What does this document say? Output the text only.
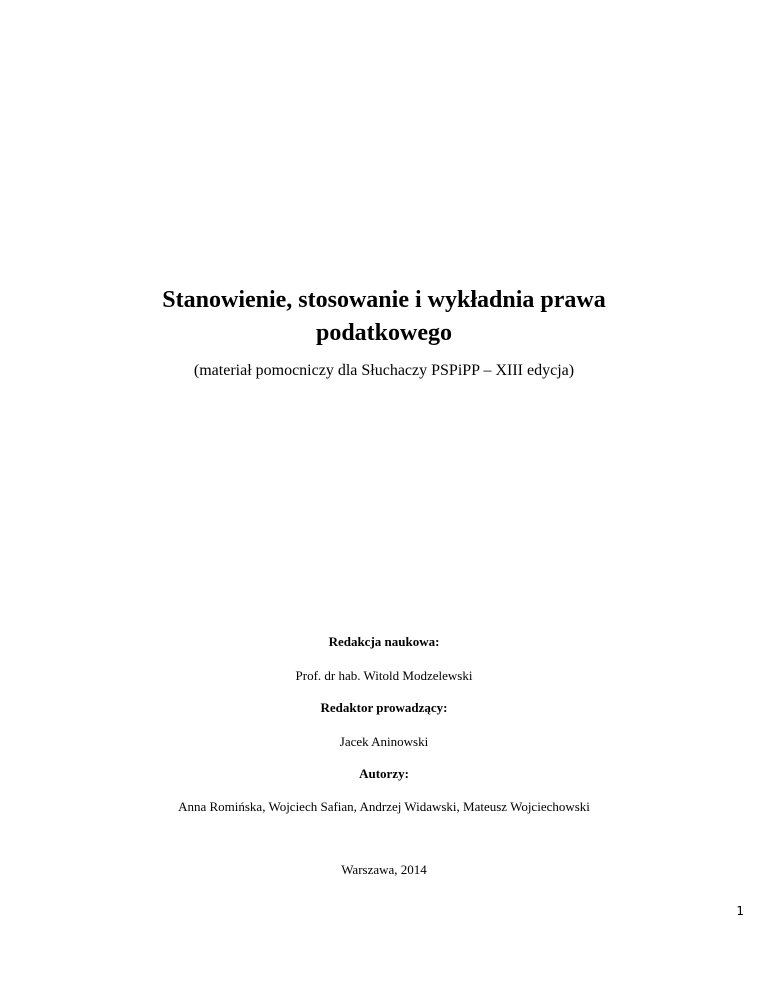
Stanowienie, stosowanie i wykładnia prawa
podatkowego
(materiał pomocniczy dla Słuchaczy PSPiPP – XIII edycja)
Redakcja naukowa:
Prof. dr hab. Witold Modzelewski
Redaktor prowadzący:
Jacek Aninowski
Autorzy:
Anna Romińska, Wojciech Safian, Andrzej Widawski, Mateusz Wojciechowski
Warszawa, 2014
1
